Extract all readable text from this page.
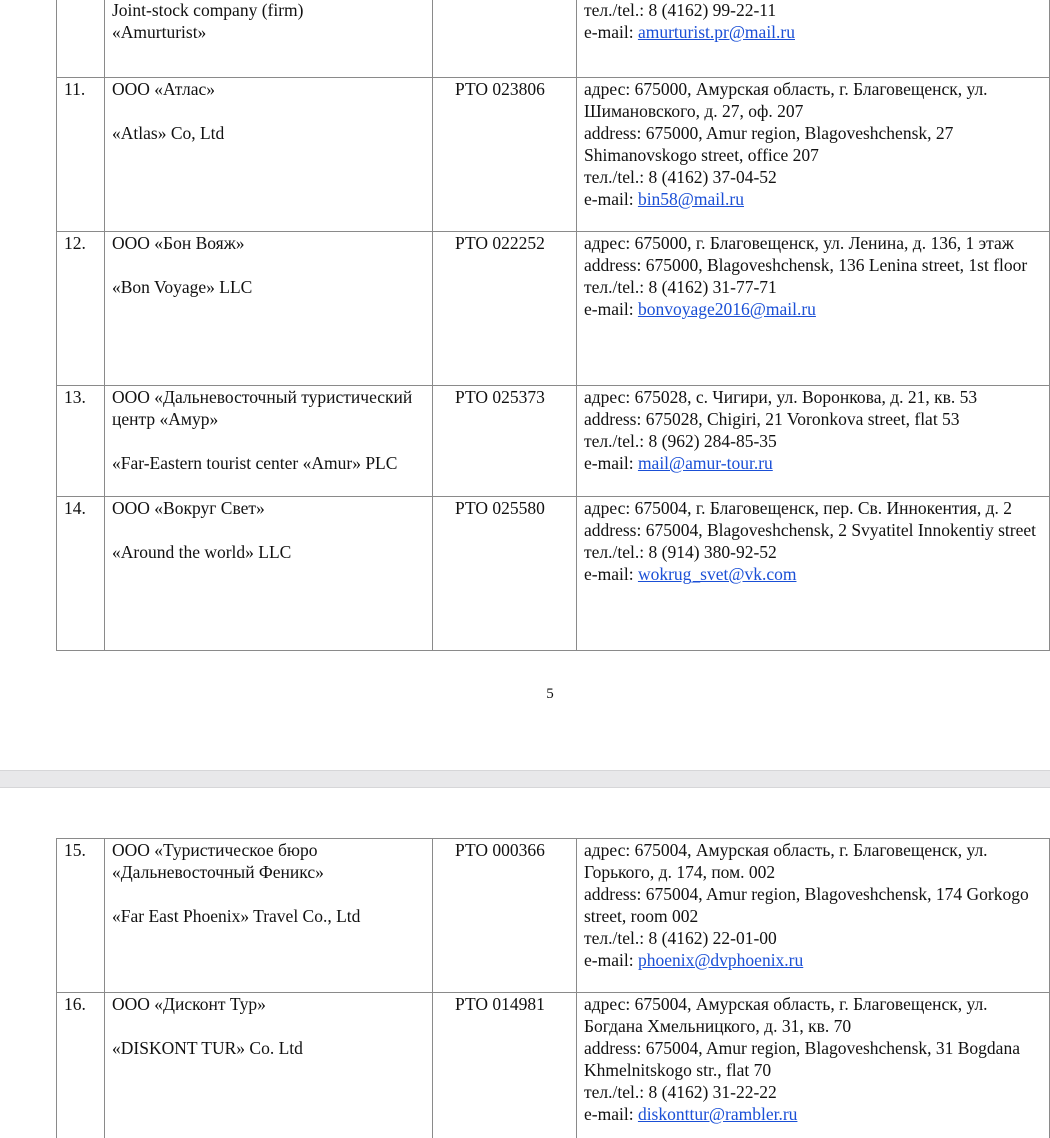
	Joint-stock company (firm)
«Amurturist»		тел./tel.: 8 (4162) 99-22-11
e-mail: amurturist.pr@mail.ru

11.	ООО «Атлас»
«Atlas» Co, Ltd	РТО 023806	адрес: 675000, Амурская область, г. Благовещенск, ул. Шимановского, д. 27, оф. 207
address: 675000, Amur region, Blagoveshchensk, 27 Shimanovskogo street, office 207
тел./tel.: 8 (4162) 37-04-52
e-mail: bin58@mail.ru

12.	ООО «Бон Вояж»
«Bon Voyage» LLC	РТО 022252	адрес: 675000, г. Благовещенск, ул. Ленина, д. 136, 1 этаж
address: 675000, Blagoveshchensk, 136 Lenina street, 1st floor
тел./tel.: 8 (4162) 31-77-71
e-mail: bonvoyage2016@mail.ru

13.	ООО «Дальневосточный туристический центр «Амур»
«Far-Eastern tourist center «Amur» PLC	РТО 025373	адрес: 675028, с. Чигири, ул. Воронкова, д. 21, кв. 53
address: 675028, Chigiri, 21 Voronkova street, flat 53
тел./tel.: 8 (962) 284-85-35
e-mail: mail@amur-tour.ru

14.	ООО «Вокруг Свет»
«Around the world» LLC	РТО 025580	адрес: 675004, г. Благовещенск, пер. Св. Иннокентия, д. 2
address: 675004, Blagoveshchensk, 2 Svyatitel Innokentiy street
тел./tel.: 8 (914) 380-92-52
e-mail: wokrug_svet@vk.com
5
15.	ООО «Туристическое бюро «Дальневосточный Феникс»
«Far East Phoenix» Travel Co., Ltd	РТО 000366	адрес: 675004, Амурская область, г. Благовещенск, ул. Горького, д. 174, пом. 002
address: 675004, Amur region, Blagoveshchensk, 174 Gorkogo street, room 002
тел./tel.: 8 (4162) 22-01-00
e-mail: phoenix@dvphoenix.ru

16.	ООО «Дисконт Тур»
«DISKONT TUR» Co. Ltd	РТО 014981	адрес: 675004, Амурская область, г. Благовещенск, ул. Богдана Хмельницкого, д. 31, кв. 70
address: 675004, Amur region, Blagoveshchensk, 31 Bogdana Khmelnitskogo str., flat 70
тел./tel.: 8 (4162) 31-22-22
e-mail: diskonttur@rambler.ru
